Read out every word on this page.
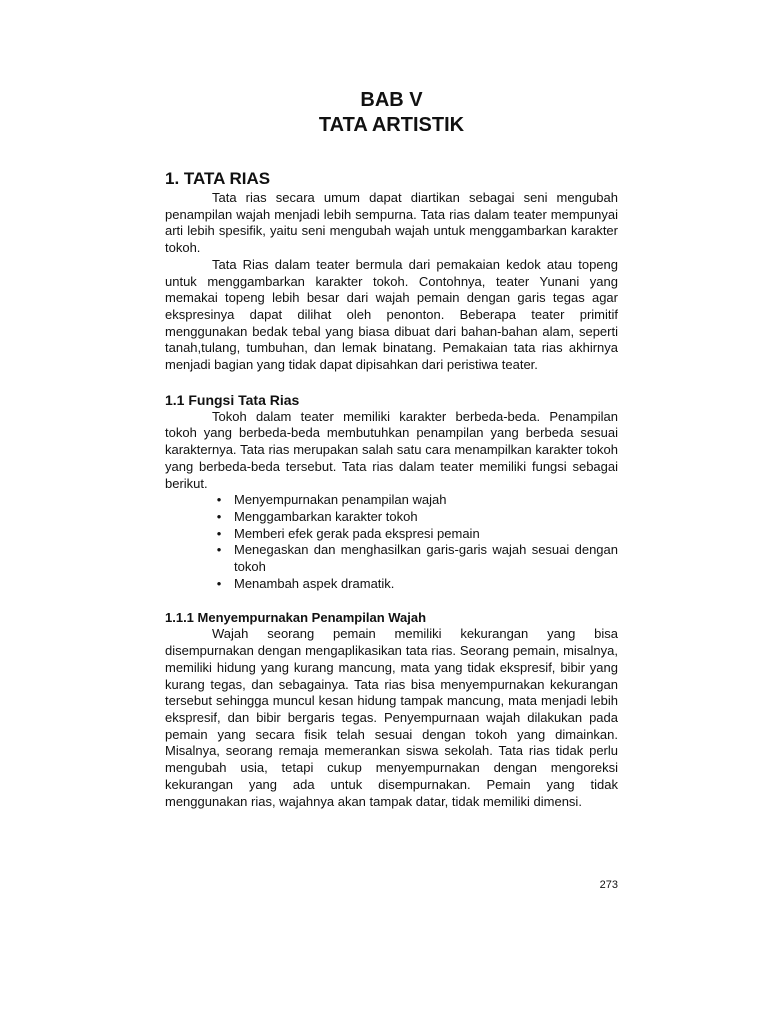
BAB V

TATA ARTISTIK

1. TATA RIAS

Tata rias secara umum dapat diartikan sebagai seni mengubah penampilan wajah menjadi lebih sempurna. Tata rias dalam teater mempunyai arti lebih spesifik, yaitu seni mengubah wajah untuk menggambarkan karakter tokoh.

Tata Rias dalam teater bermula dari pemakaian kedok atau topeng untuk menggambarkan karakter tokoh. Contohnya, teater Yunani yang memakai topeng lebih besar dari wajah pemain dengan garis tegas agar ekspresinya dapat dilihat oleh penonton. Beberapa teater primitif menggunakan bedak tebal yang biasa dibuat dari bahan-bahan alam, seperti tanah,tulang, tumbuhan, dan lemak binatang. Pemakaian tata rias akhirnya menjadi bagian yang tidak dapat dipisahkan dari peristiwa teater.

1.1 Fungsi Tata Rias

Tokoh dalam teater memiliki karakter berbeda-beda. Penampilan tokoh yang berbeda-beda membutuhkan penampilan yang berbeda sesuai karakternya. Tata rias merupakan salah satu cara menampilkan karakter tokoh yang berbeda-beda tersebut. Tata rias dalam teater memiliki fungsi sebagai berikut.

• Menyempurnakan penampilan wajah
• Menggambarkan karakter tokoh
• Memberi efek gerak pada ekspresi pemain
• Menegaskan dan menghasilkan garis-garis wajah sesuai dengan tokoh
• Menambah aspek dramatik.

1.1.1 Menyempurnakan Penampilan Wajah

Wajah seorang pemain memiliki kekurangan yang bisa disempurnakan dengan mengaplikasikan tata rias. Seorang pemain, misalnya, memiliki hidung yang kurang mancung, mata yang tidak ekspresif, bibir yang kurang tegas, dan sebagainya. Tata rias bisa menyempurnakan kekurangan tersebut sehingga muncul kesan hidung tampak mancung, mata menjadi lebih ekspresif, dan bibir bergaris tegas. Penyempurnaan wajah dilakukan pada pemain yang secara fisik telah sesuai dengan tokoh yang dimainkan. Misalnya, seorang remaja memerankan siswa sekolah. Tata rias tidak perlu mengubah usia, tetapi cukup menyempurnakan dengan mengoreksi kekurangan yang ada untuk disempurnakan. Pemain yang tidak menggunakan rias, wajahnya akan tampak datar, tidak memiliki dimensi.

273
